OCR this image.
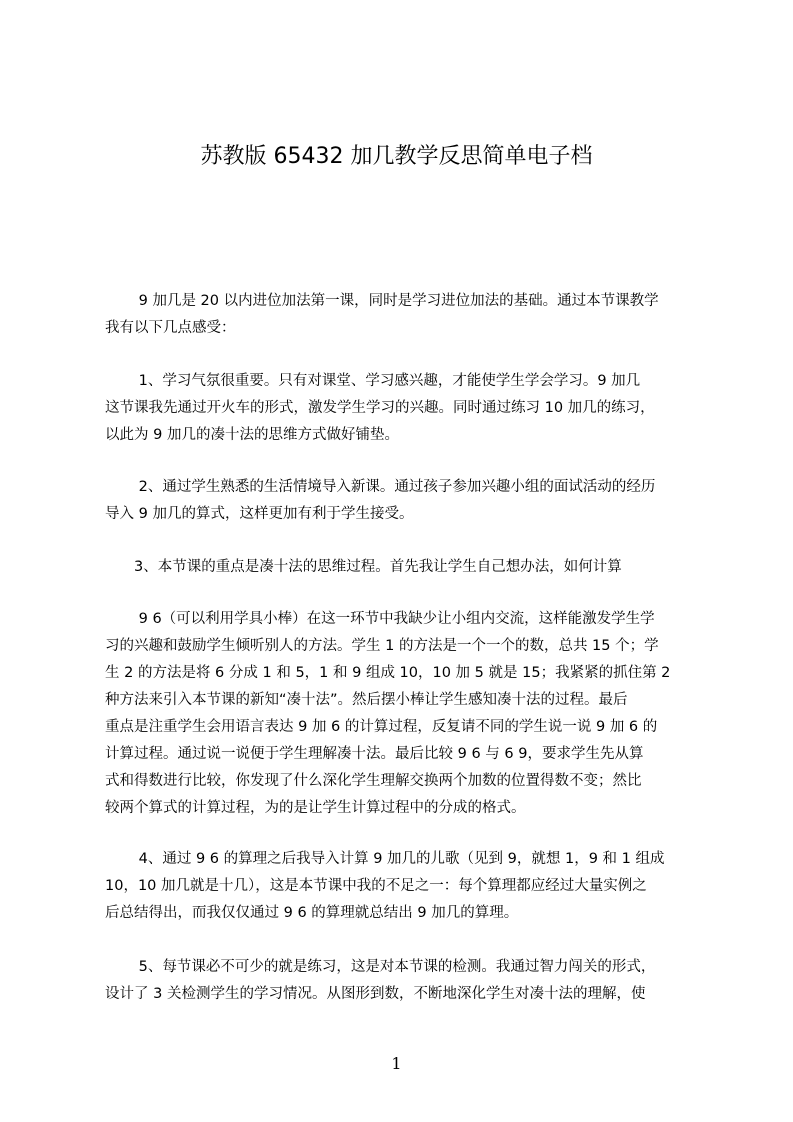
苏教版 65432 加几教学反思简单电子档
　　 9 加几是 20 以内进位加法第一课，同时是学习进位加法的基础。通过本节课教学
我有以下几点感受：
　　 1、学习气氛很重要。只有对课堂、学习感兴趣，才能使学生学会学习。9 加几
这节课我先通过开火车的形式，激发学生学习的兴趣。同时通过练习 10 加几的练习，
以此为 9 加几的凑十法的思维方式做好铺垫。
　　 2、通过学生熟悉的生活情境导入新课。通过孩子参加兴趣小组的面试活动的经历
导入 9 加几的算式，这样更加有利于学生接受。
　　3、本节课的重点是凑十法的思维过程。首先我让学生自己想办法，如何计算
　　 9 6（可以利用学具小棒）在这一环节中我缺少让小组内交流，这样能激发学生学
习的兴趣和鼓励学生倾听别人的方法。学生 1 的方法是一个一个的数，总共 15 个；学
生 2 的方法是将 6 分成 1 和 5，1 和 9 组成 10，10 加 5 就是 15；我紧紧的抓住第 2
种方法来引入本节课的新知“凑十法”。然后摆小棒让学生感知凑十法的过程。最后
重点是注重学生会用语言表达 9 加 6 的计算过程，反复请不同的学生说一说 9 加 6 的
计算过程。通过说一说便于学生理解凑十法。最后比较 9 6 与 6 9，要求学生先从算
式和得数进行比较，你发现了什么深化学生理解交换两个加数的位置得数不变；然比
较两个算式的计算过程，为的是让学生计算过程中的分成的格式。
　　 4、通过 9 6 的算理之后我导入计算 9 加几的儿歌（见到 9，就想 1，9 和 1 组成
10，10 加几就是十几），这是本节课中我的不足之一：每个算理都应经过大量实例之
后总结得出，而我仅仅通过 9 6 的算理就总结出 9 加几的算理。
　　 5、每节课必不可少的就是练习，这是对本节课的检测。我通过智力闯关的形式，
设计了 3 关检测学生的学习情况。从图形到数，不断地深化学生对凑十法的理解，使
1
